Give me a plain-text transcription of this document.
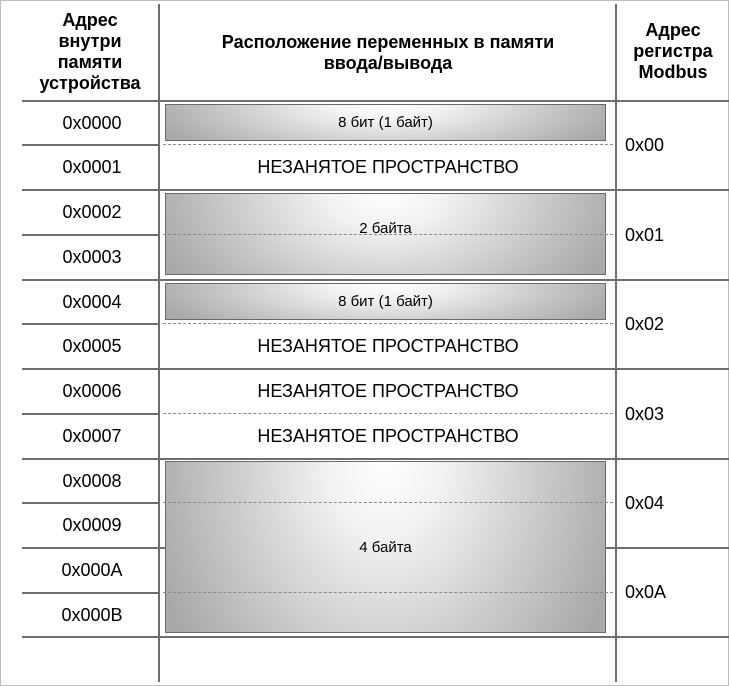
Адрес
внутри
памяти
устройства
Расположение переменных в памяти
ввода/вывода
Адрес
регистра
Modbus
0x0000
0x0001
0x0002
0x0003
0x0004
0x0005
0x0006
0x0007
0x0008
0x0009
0x000A
0x000B
8 бит (1 байт)
НЕЗАНЯТОЕ ПРОСТРАНСТВО
2 байта
8 бит (1 байт)
НЕЗАНЯТОЕ ПРОСТРАНСТВО
НЕЗАНЯТОЕ ПРОСТРАНСТВО
НЕЗАНЯТОЕ ПРОСТРАНСТВО
4 байта
0x00
0x01
0x02
0x03
0x04
0x0A
